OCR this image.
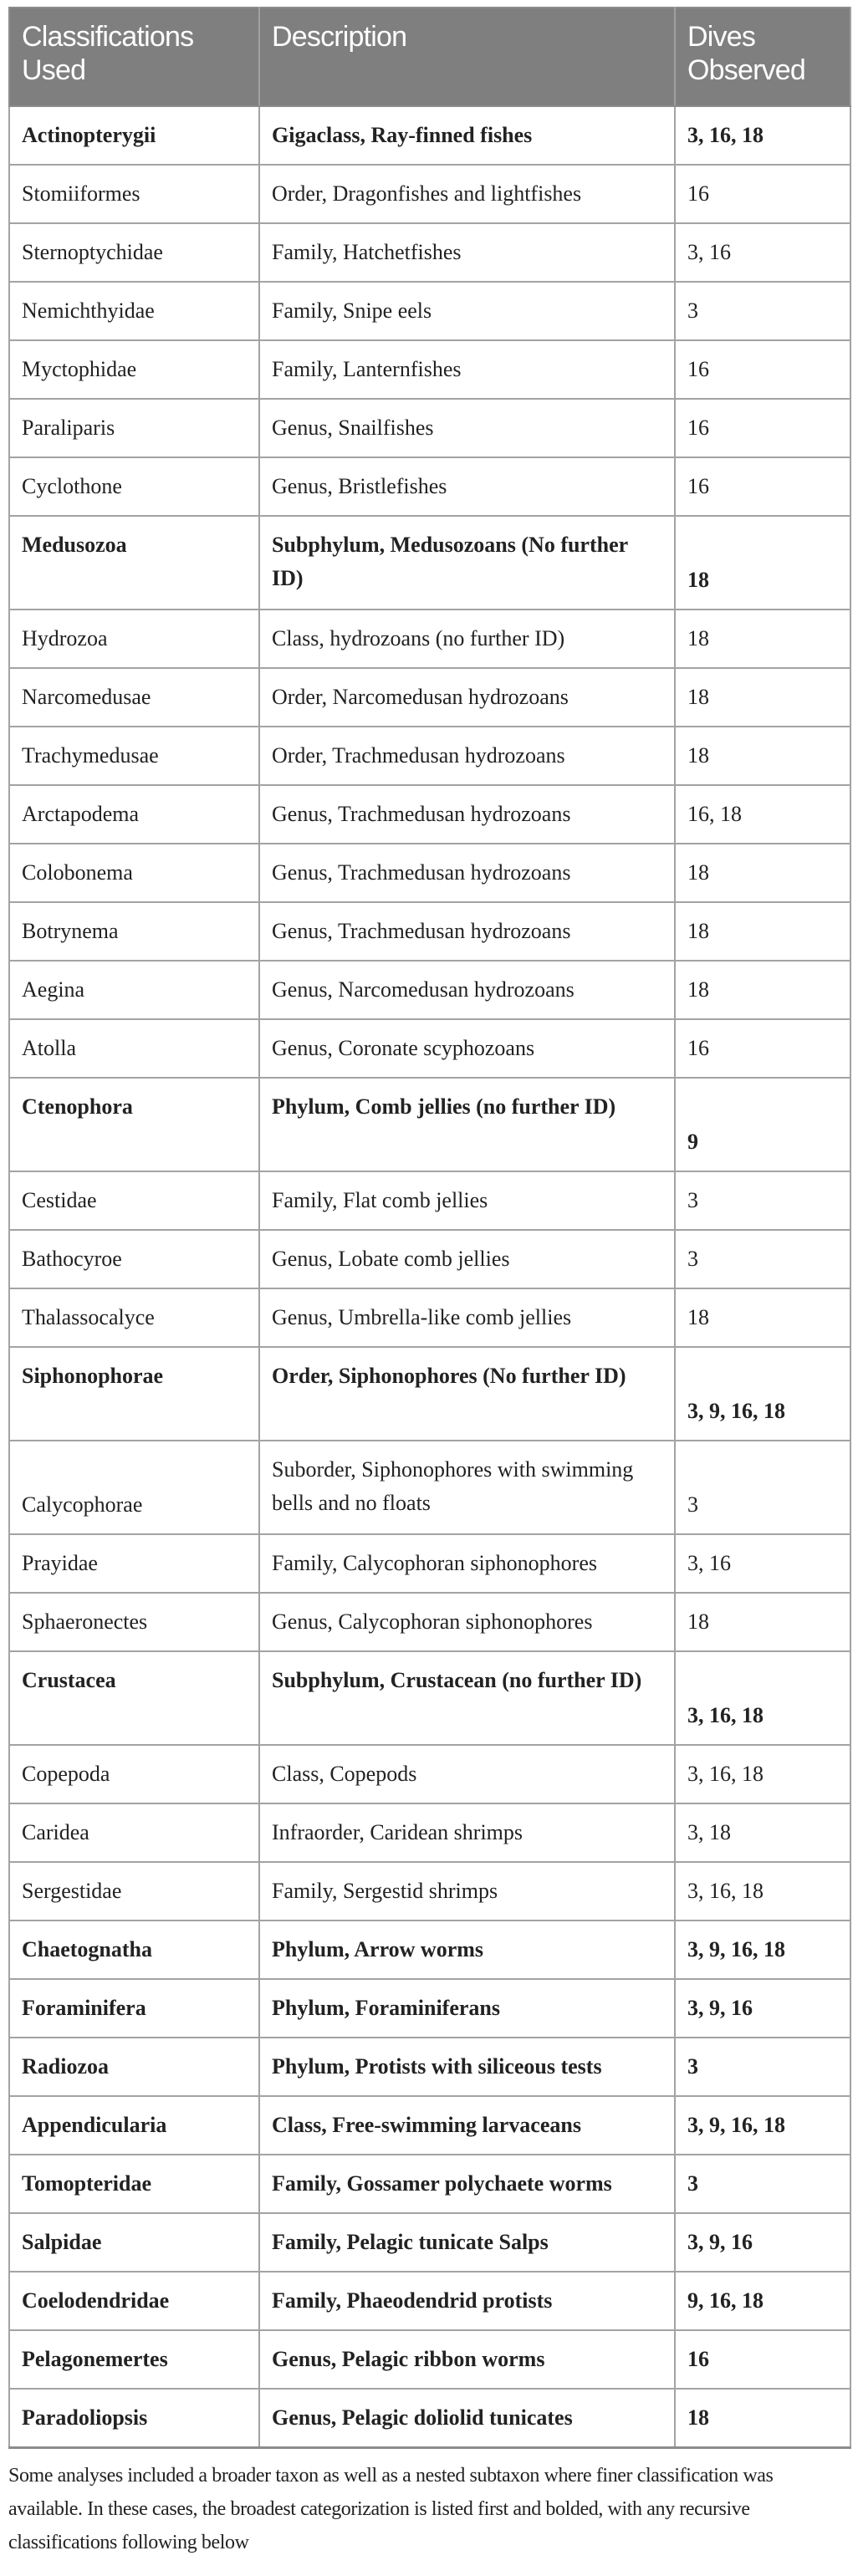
Classifications Used	Description	Dives Observed
Actinopterygii	Gigaclass, Ray-finned fishes	3, 16, 18
Stomiiformes	Order, Dragonfishes and lightfishes	16
Sternoptychidae	Family, Hatchetfishes	3, 16
Nemichthyidae	Family, Snipe eels	3
Myctophidae	Family, Lanternfishes	16
Paraliparis	Genus, Snailfishes	16
Cyclothone	Genus, Bristlefishes	16
Medusozoa	Subphylum, Medusozoans (No further ID)	18
Hydrozoa	Class, hydrozoans (no further ID)	18
Narcomedusae	Order, Narcomedusan hydrozoans	18
Trachymedusae	Order, Trachmedusan hydrozoans	18
Arctapodema	Genus, Trachmedusan hydrozoans	16, 18
Colobonema	Genus, Trachmedusan hydrozoans	18
Botrynema	Genus, Trachmedusan hydrozoans	18
Aegina	Genus, Narcomedusan hydrozoans	18
Atolla	Genus, Coronate scyphozoans	16
Ctenophora	Phylum, Comb jellies (no further ID)	9
Cestidae	Family, Flat comb jellies	3
Bathocyroe	Genus, Lobate comb jellies	3
Thalassocalyce	Genus, Umbrella-like comb jellies	18
Siphonophorae	Order, Siphonophores (No further ID)	3, 9, 16, 18
Calycophorae	Suborder, Siphonophores with swimming bells and no floats	3
Prayidae	Family, Calycophoran siphonophores	3, 16
Sphaeronectes	Genus, Calycophoran siphonophores	18
Crustacea	Subphylum, Crustacean (no further ID)	3, 16, 18
Copepoda	Class, Copepods	3, 16, 18
Caridea	Infraorder, Caridean shrimps	3, 18
Sergestidae	Family, Sergestid shrimps	3, 16, 18
Chaetognatha	Phylum, Arrow worms	3, 9, 16, 18
Foraminifera	Phylum, Foraminiferans	3, 9, 16
Radiozoa	Phylum, Protists with siliceous tests	3
Appendicularia	Class, Free-swimming larvaceans	3, 9, 16, 18
Tomopteridae	Family, Gossamer polychaete worms	3
Salpidae	Family, Pelagic tunicate Salps	3, 9, 16
Coelodendridae	Family, Phaeodendrid protists	9, 16, 18
Pelagonemertes	Genus, Pelagic ribbon worms	16
Paradoliopsis	Genus, Pelagic doliolid tunicates	18
Some analyses included a broader taxon as well as a nested subtaxon where finer classification was available. In these cases, the broadest categorization is listed first and bolded, with any recursive classifications following below
